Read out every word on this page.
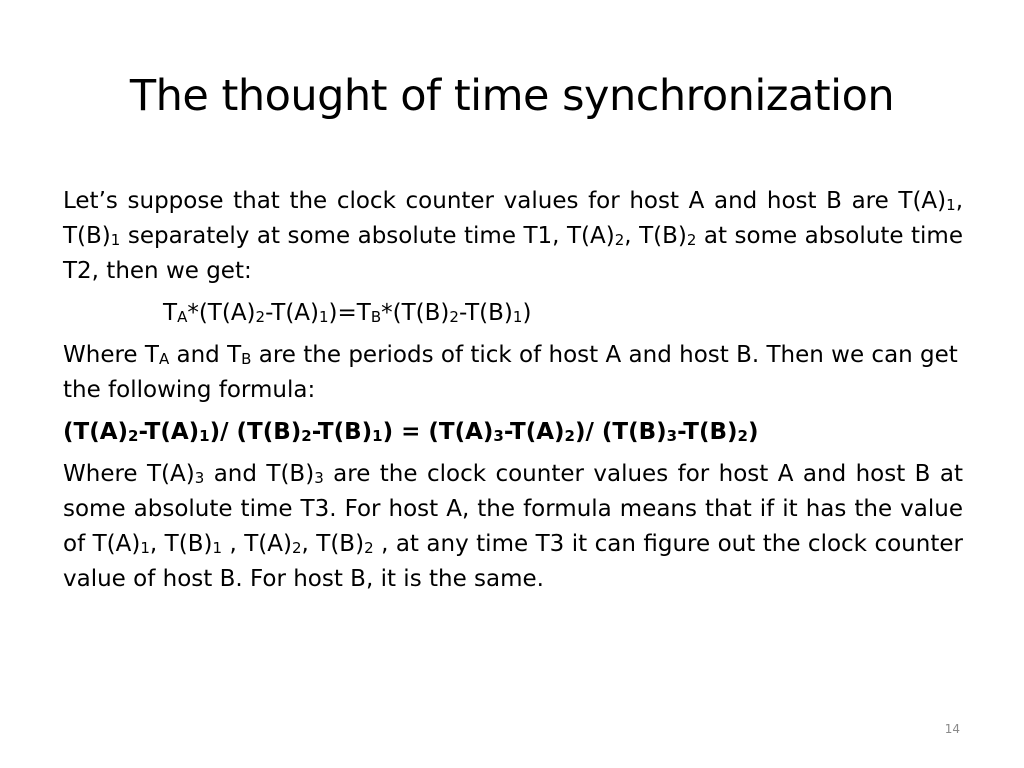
The thought of time synchronization

Let’s suppose that the clock counter values for host A and host B are $T(A)_1$, $T(B)_1$ separately at some absolute time T1, $T(A)_2$, $T(B)_2$ at some absolute time T2, then we get:

$T_A*(T(A)_2-T(A)_1)=T_B*(T(B)_2-T(B)_1)$

Where $T_A$ and $T_B$ are the periods of tick of host A and host B. Then we can get the following formula:

$(T(A)_2-T(A)_1)/$ $(T(B)_2-T(B)_1) = (T(A)_3-T(A)_2)/$ $(T(B)_3-T(B)_2)$

Where $T(A)_3$ and $T(B)_3$ are the clock counter values for host A and host B at some absolute time T3. For host A, the formula means that if it has the value of $T(A)_1$, $T(B)_1$ , $T(A)_2$, $T(B)_2$ , at any time T3 it can figure out the clock counter value of host B. For host B, it is the same.

14
